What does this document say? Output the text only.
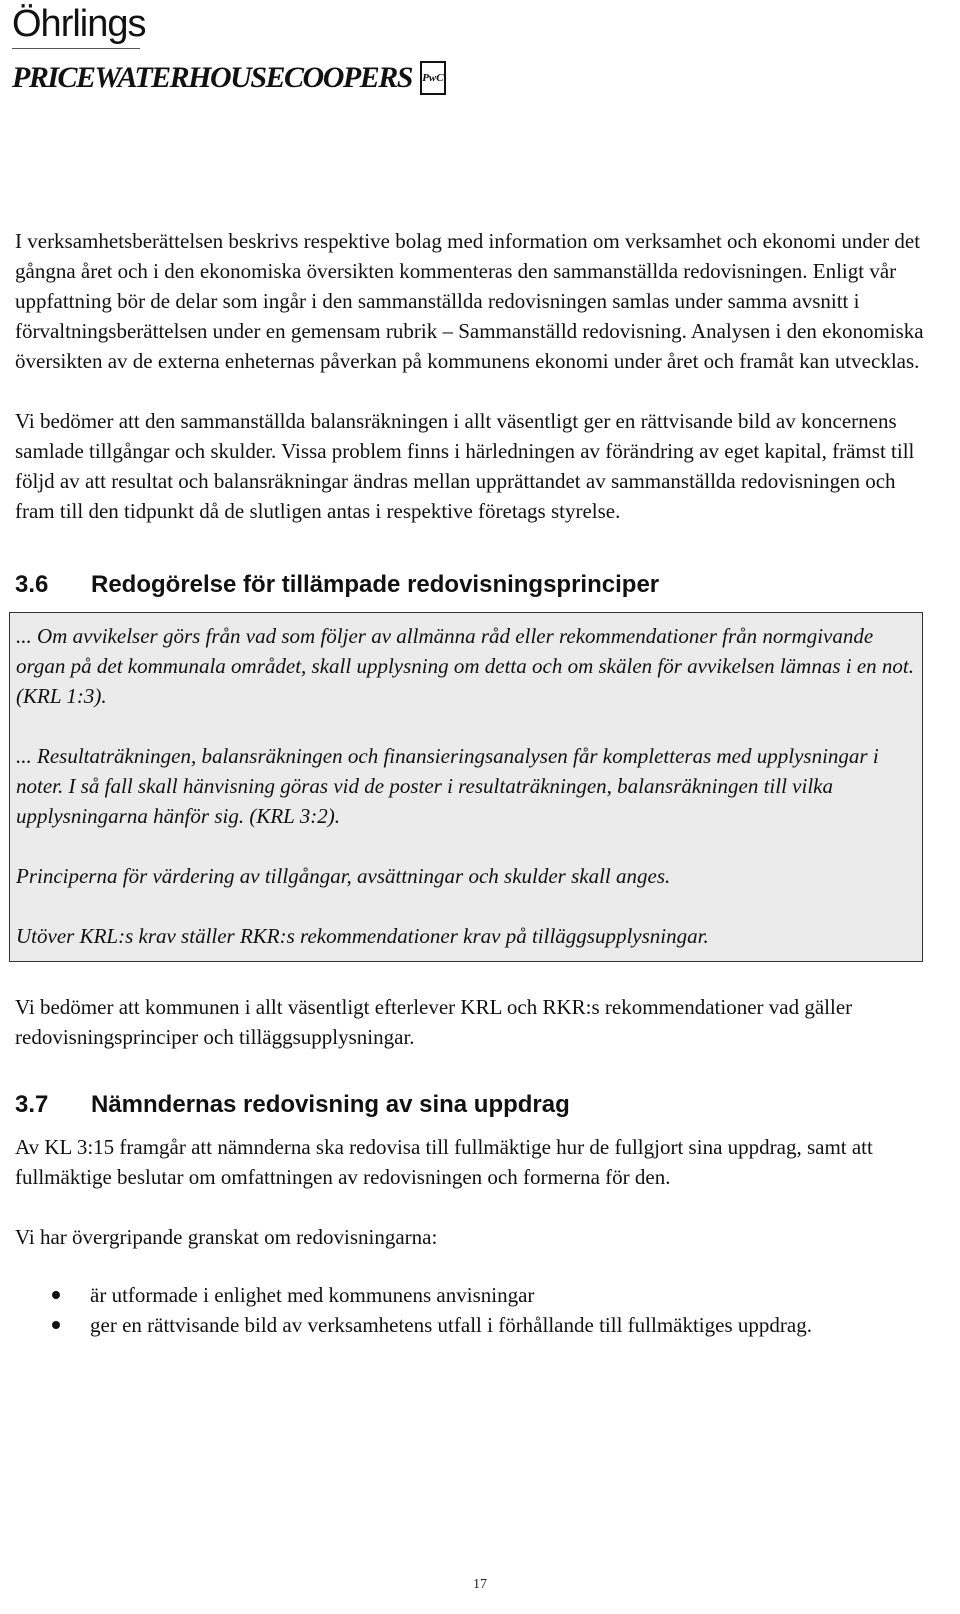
Öhrlings
PRICEWATERHOUSECOOPERS PwC

I verksamhetsberättelsen beskrivs respektive bolag med information om verksamhet och ekonomi under det gångna året och i den ekonomiska översikten kommenteras den sammanställda redovisningen. Enligt vår uppfattning bör de delar som ingår i den sammanställda redovisningen samlas under samma avsnitt i förvaltningsberättelsen under en gemensam rubrik – Sammanställd redovisning. Analysen i den ekonomiska översikten av de externa enheternas påverkan på kommunens ekonomi under året och framåt kan utvecklas.

Vi bedömer att den sammanställda balansräkningen i allt väsentligt ger en rättvisande bild av koncernens samlade tillgångar och skulder. Vissa problem finns i härledningen av förändring av eget kapital, främst till följd av att resultat och balansräkningar ändras mellan upprättandet av sammanställda redovisningen och fram till den tidpunkt då de slutligen antas i respektive företags styrelse.

3.6	Redogörelse för tillämpade redovisningsprinciper

... Om avvikelser görs från vad som följer av allmänna råd eller rekommendationer från normgivande organ på det kommunala området, skall upplysning om detta och om skälen för avvikelsen lämnas i en not. (KRL 1:3).

... Resultaträkningen, balansräkningen och finansieringsanalysen får kompletteras med upplysningar i noter. I så fall skall hänvisning göras vid de poster i resultaträkningen, balansräkningen till vilka upplysningarna hänför sig. (KRL 3:2).

Principerna för värdering av tillgångar, avsättningar och skulder skall anges.

Utöver KRL:s krav ställer RKR:s rekommendationer krav på tilläggsupplysningar.

Vi bedömer att kommunen i allt väsentligt efterlever KRL och RKR:s rekommendationer vad gäller redovisningsprinciper och tilläggsupplysningar.

3.7	Nämndernas redovisning av sina uppdrag

Av KL 3:15 framgår att nämnderna ska redovisa till fullmäktige hur de fullgjort sina uppdrag, samt att fullmäktige beslutar om omfattningen av redovisningen och formerna för den.

Vi har övergripande granskat om redovisningarna:

är utformade i enlighet med kommunens anvisningar
ger en rättvisande bild av verksamhetens utfall i förhållande till fullmäktiges uppdrag.
17
